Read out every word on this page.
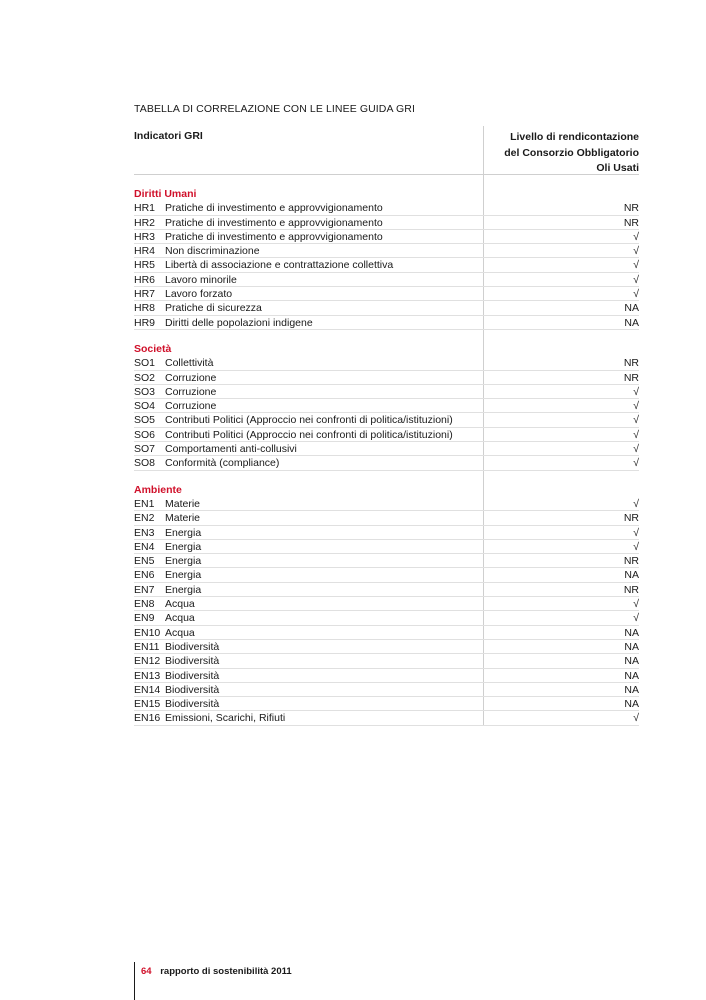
TABELLA DI CORRELAZIONE CON LE LINEE GUIDA GRI
Indicatori GRI	Livello di rendicontazione
del Consorzio Obbligatorio
Oli Usati
Diritti Umani
HR1 Pratiche di investimento e approvvigionamento	NR
HR2 Pratiche di investimento e approvvigionamento	NR
HR3 Pratiche di investimento e approvvigionamento	√
HR4 Non discriminazione	√
HR5 Libertà di associazione e contrattazione collettiva	√
HR6 Lavoro minorile	√
HR7 Lavoro forzato	√
HR8 Pratiche di sicurezza	NA
HR9 Diritti delle popolazioni indigene	NA
Società
SO1 Collettività	NR
SO2 Corruzione	NR
SO3 Corruzione	√
SO4 Corruzione	√
SO5 Contributi Politici (Approccio nei confronti di politica/istituzioni)	√
SO6 Contributi Politici (Approccio nei confronti di politica/istituzioni)	√
SO7 Comportamenti anti-collusivi	√
SO8 Conformità (compliance)	√
Ambiente
EN1	Materie	√
EN2	Materie	NR
EN3	Energia	√
EN4	Energia	√
EN5	Energia	NR
EN6	Energia	NA
EN7	Energia	NR
EN8	Acqua	√
EN9	Acqua	√
EN10 Acqua	NA
EN11 Biodiversità	NA
EN12 Biodiversità	NA
EN13 Biodiversità	NA
EN14 Biodiversità	NA
EN15 Biodiversità	NA
EN16 Emissioni, Scarichi, Rifiuti	√
64 rapporto di sostenibilità 2011
